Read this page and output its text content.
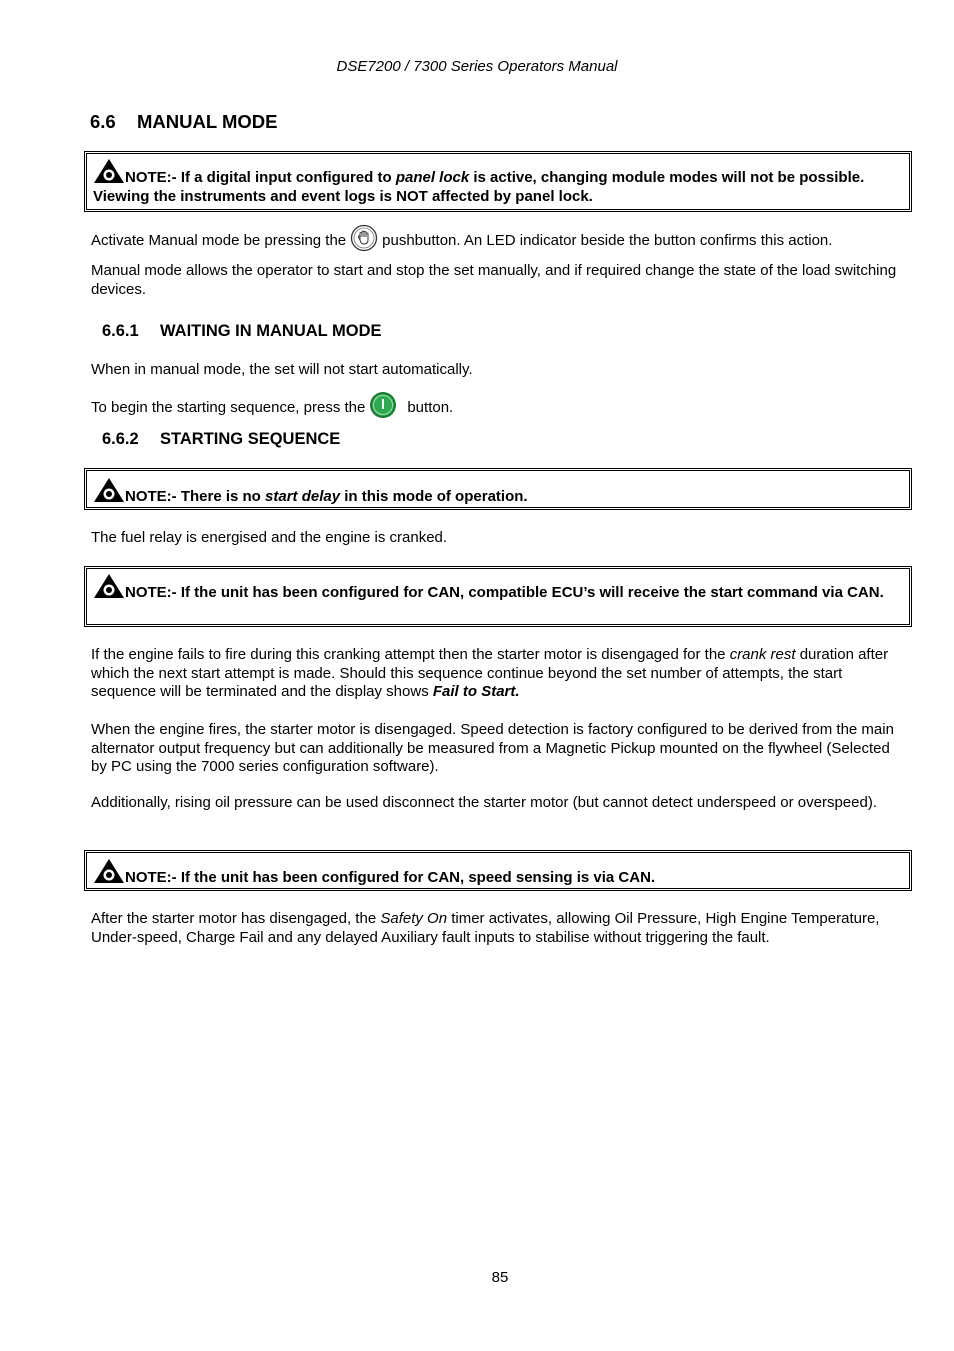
DSE7200 / 7300 Series Operators Manual
6.6 MANUAL MODE
NOTE:- If a digital input configured to panel lock is active, changing module modes will not be possible. Viewing the instruments and event logs is NOT affected by panel lock.
Activate Manual mode be pressing the pushbutton. An LED indicator beside the button confirms this action.
Manual mode allows the operator to start and stop the set manually, and if required change the state of the load switching devices.
6.6.1 WAITING IN MANUAL MODE
When in manual mode, the set will not start automatically.
To begin the starting sequence, press the	button.
6.6.2 STARTING SEQUENCE
NOTE:- There is no start delay in this mode of operation.
The fuel relay is energised and the engine is cranked.
NOTE:- If the unit has been configured for CAN, compatible ECU’s will receive the start command via CAN.
If the engine fails to fire during this cranking attempt then the starter motor is disengaged for the crank rest duration after which the next start attempt is made. Should this sequence continue beyond the set number of attempts, the start sequence will be terminated and the display shows Fail to Start.
When the engine fires, the starter motor is disengaged. Speed detection is factory configured to be derived from the main alternator output frequency but can additionally be measured from a Magnetic Pickup mounted on the flywheel (Selected by PC using the 7000 series configuration software).
Additionally, rising oil pressure can be used disconnect the starter motor (but cannot detect underspeed or overspeed).
NOTE:- If the unit has been configured for CAN, speed sensing is via CAN.
After the starter motor has disengaged, the Safety On timer activates, allowing Oil Pressure, High Engine Temperature, Under-speed, Charge Fail and any delayed Auxiliary fault inputs to stabilise without triggering the fault.
85
